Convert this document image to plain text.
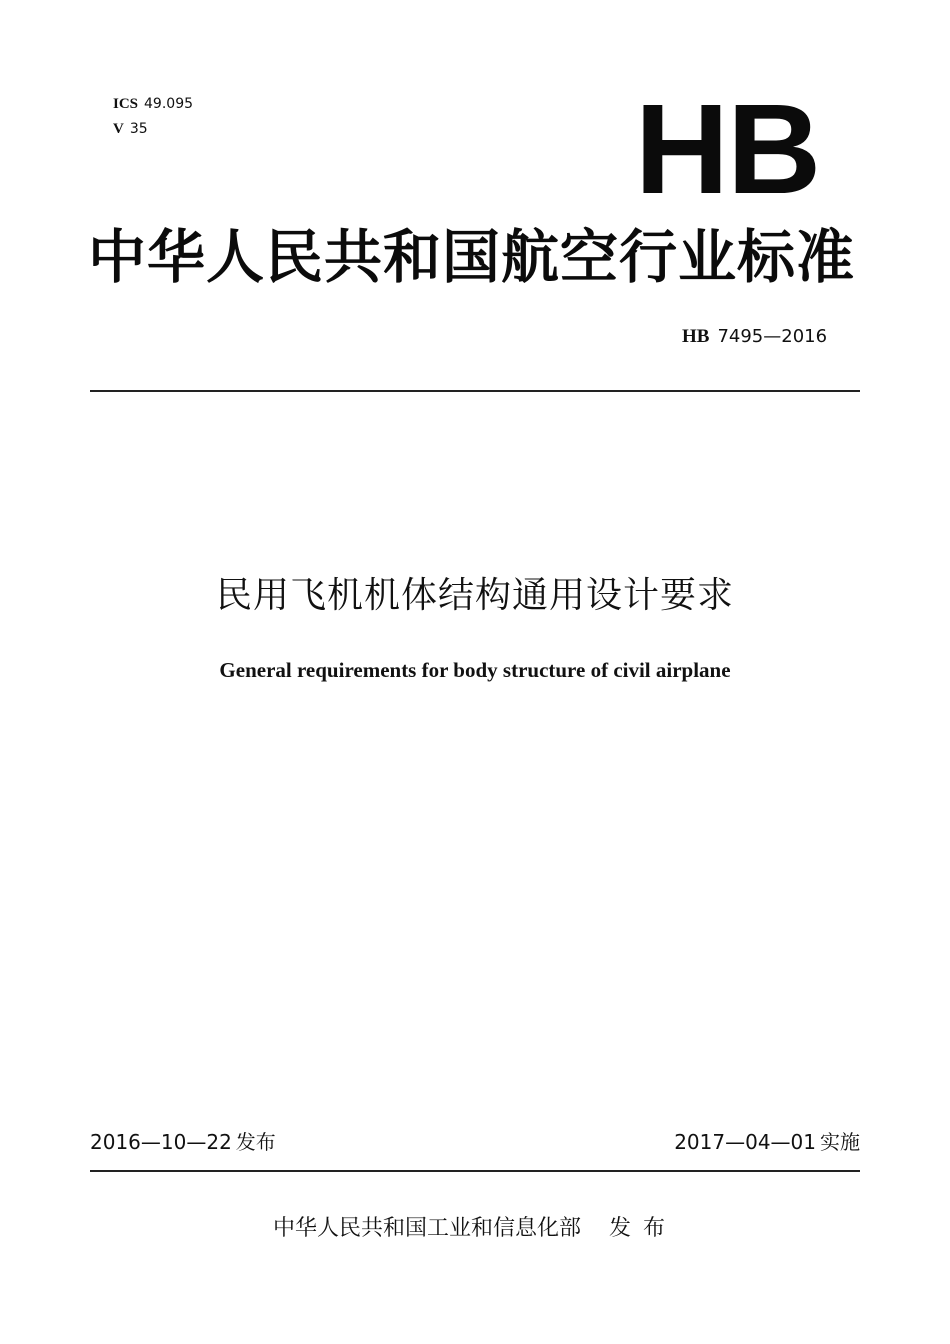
ICS 49.095
V 35	HB
中华人民共和国航空行业标准
HB 7495—2016
民用飞机机体结构通用设计要求
General requirements for body structure of civil airplane
2016—10—22 发布	2017—04—01 实施
中华人民共和国工业和信息化部 发布
